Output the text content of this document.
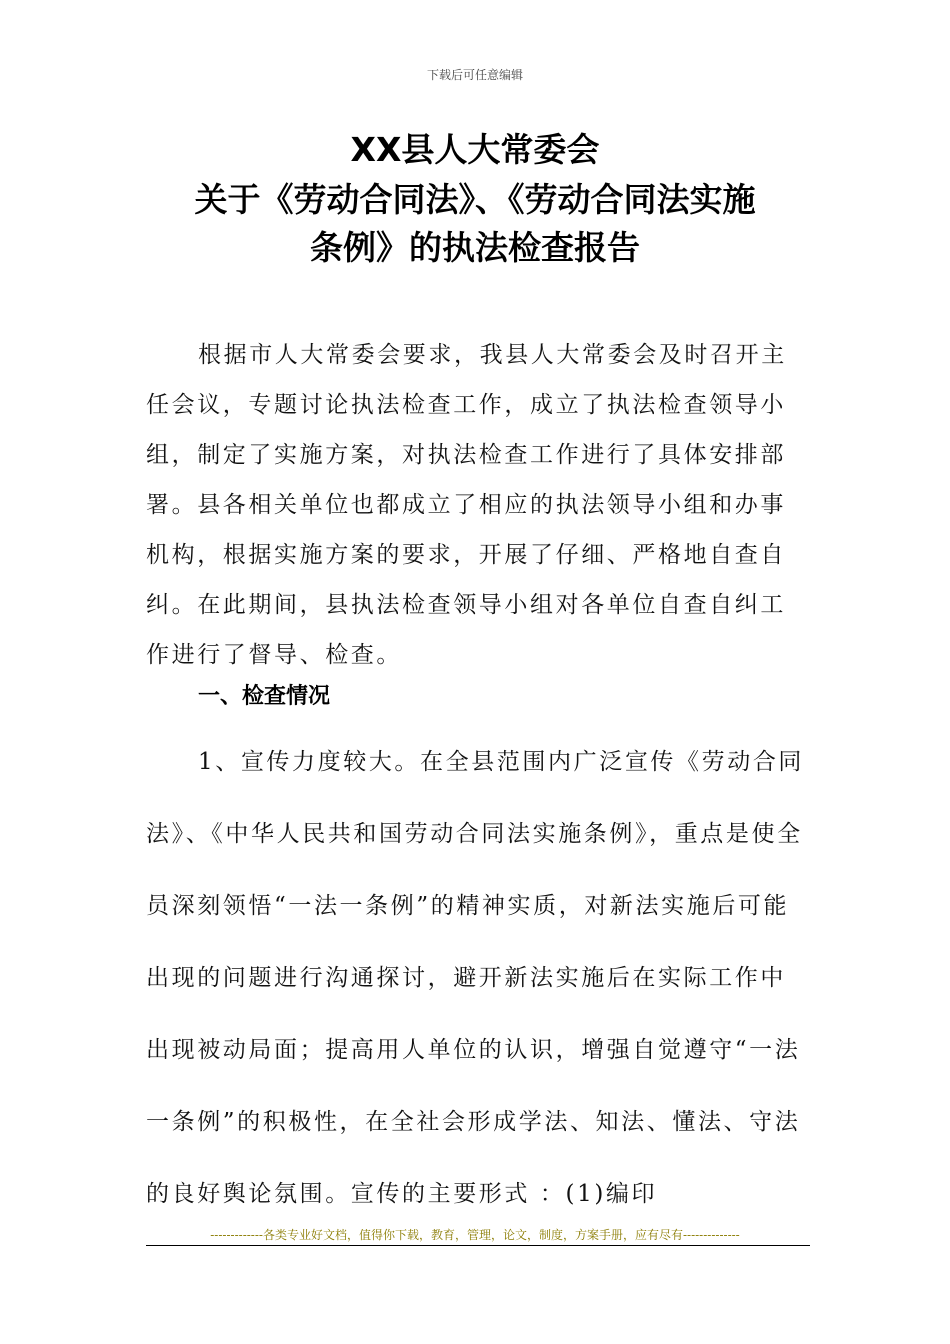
下载后可任意编辑
XX县人大常委会
关于《劳动合同法》、《劳动合同法实施
条例》的执法检查报告
根据市人大常委会要求，我县人大常委会及时召开主任会议，专题讨论执法检查工作，成立了执法检查领导小组，制定了实施方案，对执法检查工作进行了具体安排部署。县各相关单位也都成立了相应的执法领导小组和办事机构，根据实施方案的要求，开展了仔细、严格地自查自纠。在此期间，县执法检查领导小组对各单位自查自纠工作进行了督导、检查。
一、检查情况
1、宣传力度较大。在全县范围内广泛宣传《劳动合同法》、《中华人民共和国劳动合同法实施条例》，重点是使全员深刻领悟“一法一条例”的精神实质，对新法实施后可能出现的问题进行沟通探讨，避开新法实施后在实际工作中出现被动局面；提高用人单位的认识，增强自觉遵守“一法一条例”的积极性，在全社会形成学法、知法、懂法、守法的良好舆论氛围。宣传的主要形式 ：(1)编印
-------------各类专业好文档，值得你下载，教育，管理，论文，制度，方案手册，应有尽有--------------
